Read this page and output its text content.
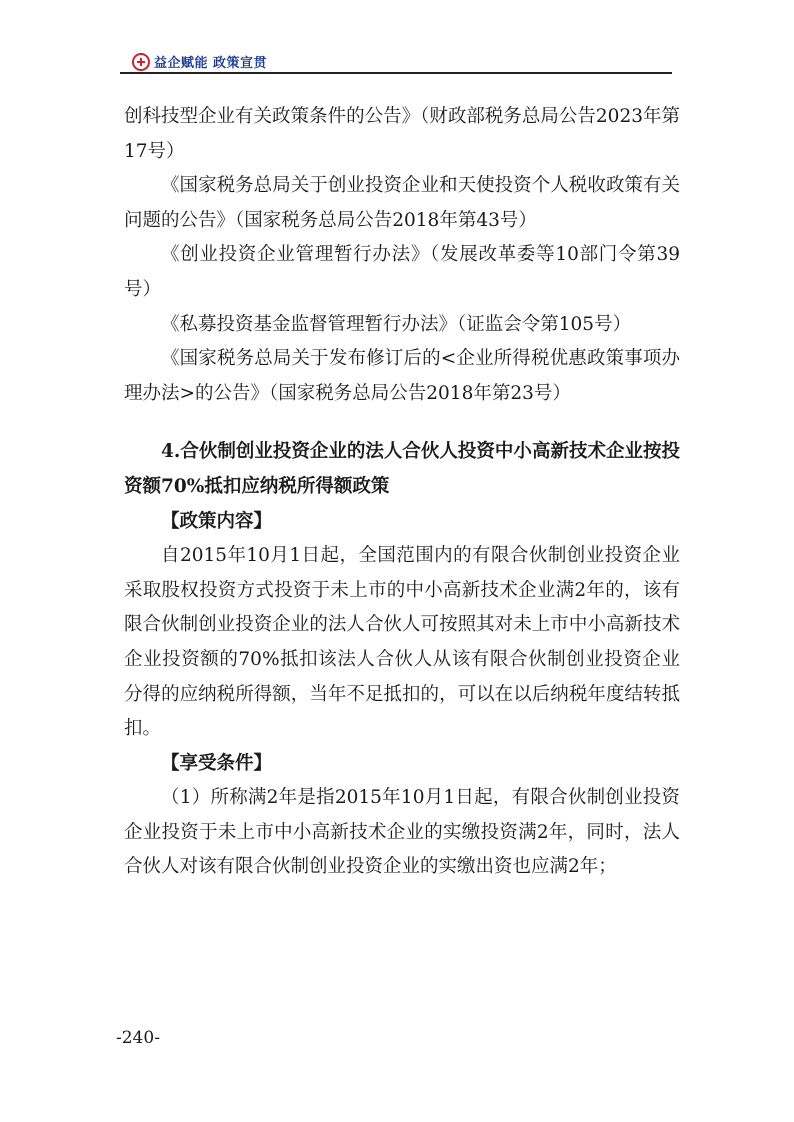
益企赋能 政策宣贯

创科技型企业有关政策条件的公告》（财政部税务总局公告2023年第17号）

《国家税务总局关于创业投资企业和天使投资个人税收政策有关问题的公告》（国家税务总局公告2018年第43号）

《创业投资企业管理暂行办法》（发展改革委等10部门令第39号）

《私募投资基金监督管理暂行办法》（证监会令第105号）

《国家税务总局关于发布修订后的<企业所得税优惠政策事项办理办法>的公告》（国家税务总局公告2018年第23号）

4.合伙制创业投资企业的法人合伙人投资中小高新技术企业按投资额70%抵扣应纳税所得额政策

【政策内容】

自2015年10月1日起，全国范围内的有限合伙制创业投资企业采取股权投资方式投资于未上市的中小高新技术企业满2年的，该有限合伙制创业投资企业的法人合伙人可按照其对未上市中小高新技术企业投资额的70%抵扣该法人合伙人从该有限合伙制创业投资企业分得的应纳税所得额，当年不足抵扣的，可以在以后纳税年度结转抵扣。

【享受条件】

（1）所称满2年是指2015年10月1日起，有限合伙制创业投资企业投资于未上市中小高新技术企业的实缴投资满2年，同时，法人合伙人对该有限合伙制创业投资企业的实缴出资也应满2年；

-240-
